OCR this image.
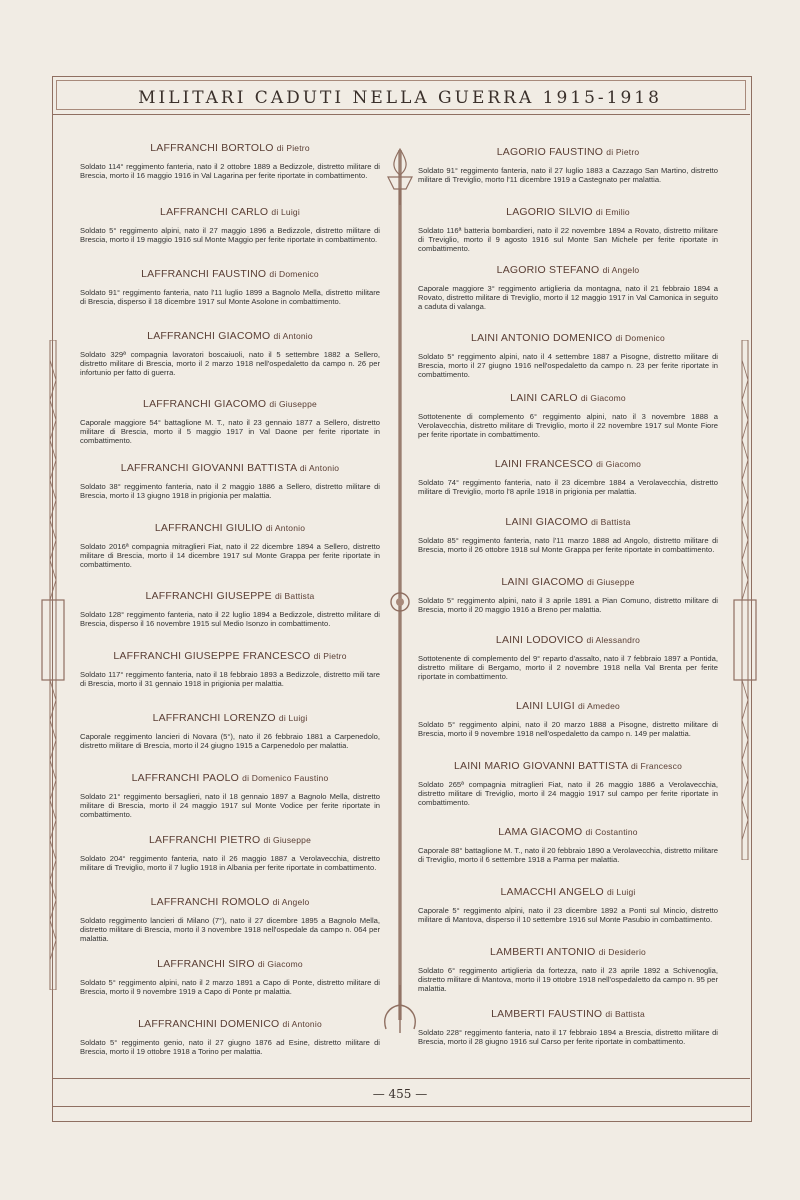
MILITARI CADUTI NELLA GUERRA 1915-1918
LAFFRANCHI BORTOLO di Pietro
Soldato 114° reggimento fanteria, nato il 2 ottobre 1889 a Bedizzole, distretto militare di Brescia, morto il 16 maggio 1916 in Val Lagarina per ferite riportate in combattimento.
LAFFRANCHI CARLO di Luigi
Soldato 5° reggimento alpini, nato il 27 maggio 1896 a Bedizzole, distretto militare di Brescia, morto il 19 maggio 1916 sul Monte Maggio per ferite riportate in combattimento.
LAFFRANCHI FAUSTINO di Domenico
Soldato 91° reggimento fanteria, nato l'11 luglio 1899 a Bagnolo Mella, distretto militare di Brescia, disperso il 18 dicembre 1917 sul Monte Asolone in combattimento.
LAFFRANCHI GIACOMO di Antonio
Soldato 329ª compagnia lavoratori boscaiuoli, nato il 5 settembre 1882 a Sellero, distretto militare di Brescia, morto il 2 marzo 1918 nell'ospedaletto da campo n. 26 per infortunio per fatto di guerra.
LAFFRANCHI GIACOMO di Giuseppe
Caporale maggiore 54° battaglione M. T., nato il 23 gennaio 1877 a Sellero, distretto militare di Brescia, morto il 5 maggio 1917 in Val Daone per ferite riportate in combattimento.
LAFFRANCHI GIOVANNI BATTISTA di Antonio
Soldato 38° reggimento fanteria, nato il 2 maggio 1886 a Sellero, distretto militare di Brescia, morto il 13 giugno 1918 in prigionia per malattia.
LAFFRANCHI GIULIO di Antonio
Soldato 2016ª compagnia mitraglieri Fiat, nato il 22 dicembre 1894 a Sellero, distretto militare di Brescia, morto il 14 dicembre 1917 sul Monte Grappa per ferite riportate in combattimento.
LAFFRANCHI GIUSEPPE di Battista
Soldato 128° reggimento fanteria, nato il 22 luglio 1894 a Bedizzole, distretto militare di Brescia, disperso il 16 novembre 1915 sul Medio Isonzo in combattimento.
LAFFRANCHI GIUSEPPE FRANCESCO di Pietro
Soldato 117° reggimento fanteria, nato il 18 febbraio 1893 a Bedizzole, distretto mili tare di Brescia, morto il 31 gennaio 1918 in prigionia per malattia.
LAFFRANCHI LORENZO di Luigi
Caporale reggimento lancieri di Novara (5°), nato il 26 febbraio 1881 a Carpenedolo, distretto militare di Brescia, morto il 24 giugno 1915 a Carpenedolo per malattia.
LAFFRANCHI PAOLO di Domenico Faustino
Soldato 21° reggimento bersaglieri, nato il 18 gennaio 1897 a Bagnolo Mella, distretto militare di Brescia, morto il 24 maggio 1917 sul Monte Vodice per ferite riportate in combattimento.
LAFFRANCHI PIETRO di Giuseppe
Soldato 204° reggimento fanteria, nato il 26 maggio 1887 a Verolavecchia, distretto militare di Treviglio, morto il 7 luglio 1918 in Albania per ferite riportate in combattimento.
LAFFRANCHI ROMOLO di Angelo
Soldato reggimento lancieri di Milano (7°), nato il 27 dicembre 1895 a Bagnolo Mella, distretto militare di Brescia, morto il 3 novembre 1918 nell'ospedale da campo n. 064 per malattia.
LAFFRANCHI SIRO di Giacomo
Soldato 5° reggimento alpini, nato il 2 marzo 1891 a Capo di Ponte, distretto militare di Brescia, morto il 9 novembre 1919 a Capo di Ponte pr malattia.
LAFFRANCHINI DOMENICO di Antonio
Soldato 5° reggimento genio, nato il 27 giugno 1876 ad Esine, distretto militare di Brescia, morto il 19 ottobre 1918 a Torino per malattia.
LAGORIO FAUSTINO di Pietro
Soldato 91° reggimento fanteria, nato il 27 luglio 1883 a Cazzago San Martino, distretto militare di Treviglio, morto l'11 dicembre 1919 a Castegnato per malattia.
LAGORIO SILVIO di Emilio
Soldato 116ª batteria bombardieri, nato il 22 novembre 1894 a Rovato, distretto militare di Treviglio, morto il 9 agosto 1916 sul Monte San Michele per ferite riportate in combattimento.
LAGORIO STEFANO di Angelo
Caporale maggiore 3° reggimento artiglieria da montagna, nato il 21 febbraio 1894 a Rovato, distretto militare di Treviglio, morto il 12 maggio 1917 in Val Camonica in seguito a caduta di valanga.
LAINI ANTONIO DOMENICO di Domenico
Soldato 5° reggimento alpini, nato il 4 settembre 1887 a Pisogne, distretto militare di Brescia, morto il 27 giugno 1916 nell'ospedaletto da campo n. 23 per ferite riportate in combattimento.
LAINI CARLO di Giacomo
Sottotenente di complemento 6° reggimento alpini, nato il 3 novembre 1888 a Verolavecchia, distretto militare di Treviglio, morto il 22 novembre 1917 sul Monte Fiore per ferite riportate in combattimento.
LAINI FRANCESCO di Giacomo
Soldato 74° reggimento fanteria, nato il 23 dicembre 1884 a Verolavecchia, distretto militare di Treviglio, morto l'8 aprile 1918 in prigionia per malattia.
LAINI GIACOMO di Battista
Soldato 85° reggimento fanteria, nato l'11 marzo 1888 ad Angolo, distretto militare di Brescia, morto il 26 ottobre 1918 sul Monte Grappa per ferite riportate in combattimento.
LAINI GIACOMO di Giuseppe
Soldato 5° reggimento alpini, nato il 3 aprile 1891 a Pian Comuno, distretto militare di Brescia, morto il 20 maggio 1916 a Breno per malattia.
LAINI LODOVICO di Alessandro
Sottotenente di complemento del 9° reparto d'assalto, nato il 7 febbraio 1897 a Pontida, distretto militare di Bergamo, morto il 2 novembre 1918 nella Val Brenta per ferite riportate in combattimento.
LAINI LUIGI di Amedeo
Soldato 5° reggimento alpini, nato il 20 marzo 1888 a Pisogne, distretto militare di Brescia, morto il 9 novembre 1918 nell'ospedaletto da campo n. 149 per malattia.
LAINI MARIO GIOVANNI BATTISTA di Francesco
Soldato 265ª compagnia mitraglieri Fiat, nato il 26 maggio 1886 a Verolavecchia, distretto militare di Treviglio, morto il 24 maggio 1917 sul campo per ferite riportate in combattimento.
LAMA GIACOMO di Costantino
Caporale 88° battaglione M. T., nato il 20 febbraio 1890 a Verolavecchia, distretto militare di Treviglio, morto il 6 settembre 1918 a Parma per malattia.
LAMACCHI ANGELO di Luigi
Caporale 5° reggimento alpini, nato il 23 dicembre 1892 a Ponti sul Mincio, distretto militare di Mantova, disperso il 10 settembre 1916 sul Monte Pasubio in combattimento.
LAMBERTI ANTONIO di Desiderio
Soldato 6° reggimento artiglieria da fortezza, nato il 23 aprile 1892 a Schivenoglia, distretto militare di Mantova, morto il 19 ottobre 1918 nell'ospedaletto da campo n. 95 per malattia.
LAMBERTI FAUSTINO di Battista
Soldato 228° reggimento fanteria, nato il 17 febbraio 1894 a Brescia, distretto militare di Brescia, morto il 28 giugno 1916 sul Carso per ferite riportate in combattimento.
— 455 —
